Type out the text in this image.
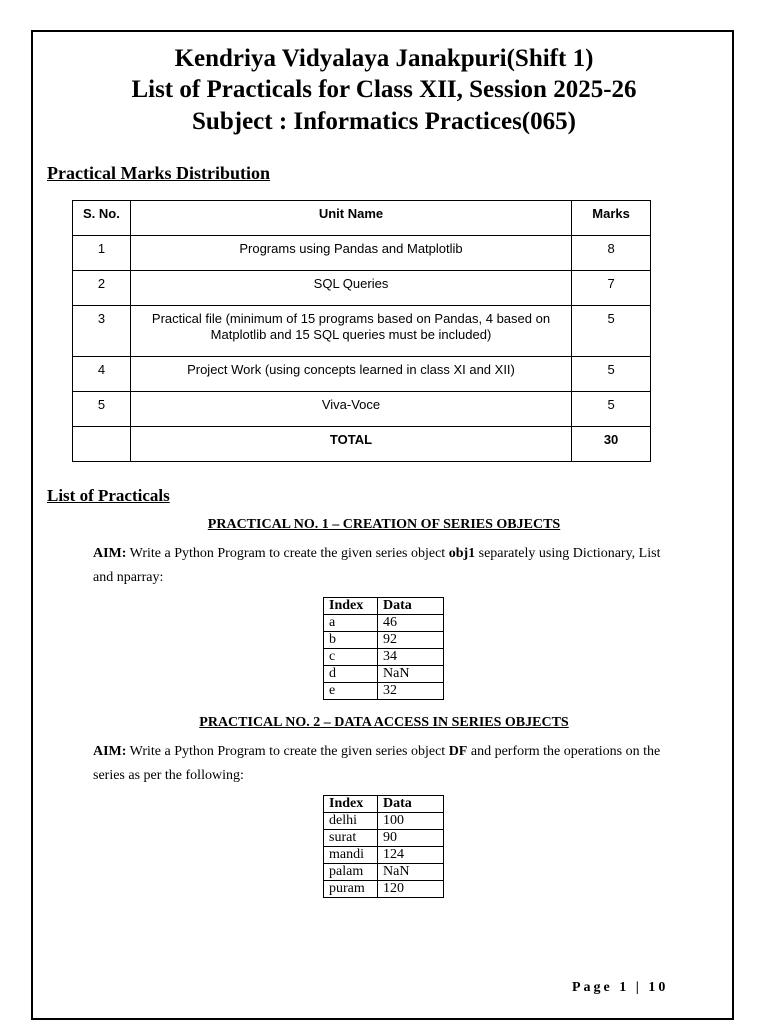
Kendriya Vidyalaya Janakpuri(Shift 1)
List of Practicals for Class XII, Session 2025-26
Subject : Informatics Practices(065)
Practical Marks Distribution
S. No.	Unit Name	Marks
1	Programs using Pandas and Matplotlib	8
2	SQL Queries	7
3	Practical file (minimum of 15 programs based on Pandas, 4 based on Matplotlib and 15 SQL queries must be included)	5
4	Project Work (using concepts learned in class XI and XII)	5
5	Viva-Voce	5
	TOTAL	30
List of Practicals
PRACTICAL NO. 1 – CREATION OF SERIES OBJECTS
AIM: Write a Python Program to create the given series object obj1 separately using Dictionary, List
and nparray:
Index	Data
a	46
b	92
c	34
d	NaN
e	32
PRACTICAL NO. 2 – DATA ACCESS IN SERIES OBJECTS
AIM: Write a Python Program to create the given series object DF and perform the operations on the
series as per the following:
Index	Data
delhi	100
surat	90
mandi	124
palam	NaN
puram	120
Page 1 | 10
